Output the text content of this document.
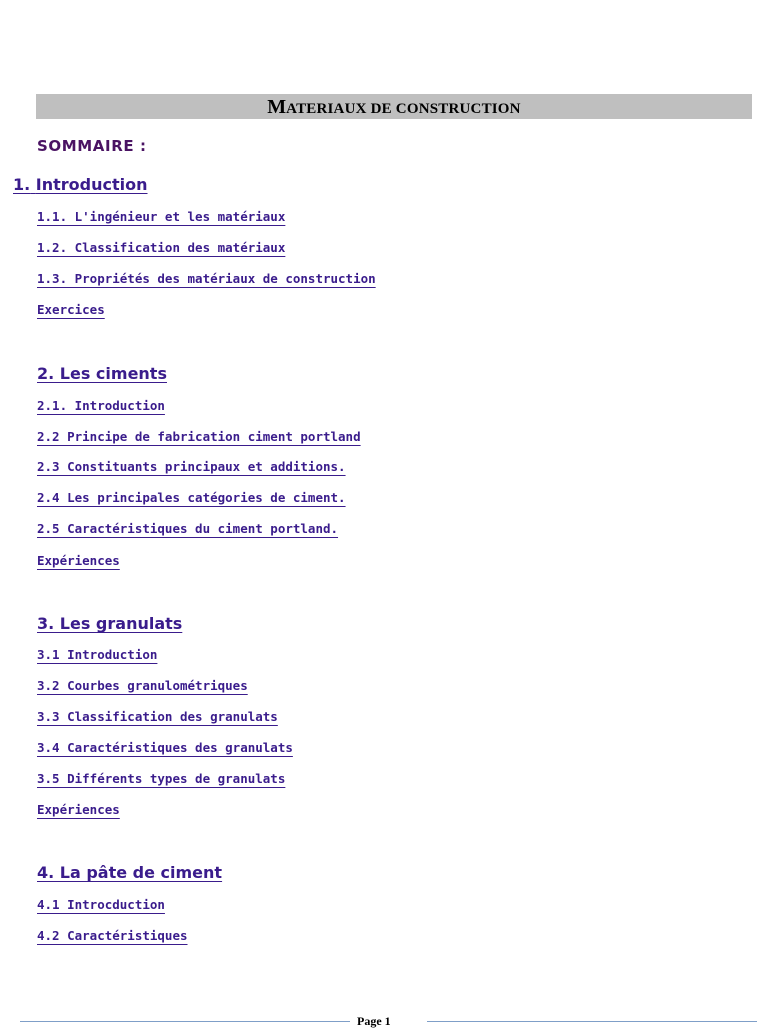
MATERIAUX DE CONSTRUCTION
SOMMAIRE :
1. Introduction
1.1. L'ingénieur et les matériaux
1.2. Classification des matériaux
1.3. Propriétés des matériaux de construction
Exercices
2. Les ciments
2.1. Introduction
2.2 Principe de fabrication ciment portland
2.3 Constituants principaux et additions.
2.4 Les principales catégories de ciment.
2.5 Caractéristiques du ciment portland.
Expériences
3. Les granulats
3.1 Introduction
3.2 Courbes granulométriques
3.3 Classification des granulats
3.4 Caractéristiques des granulats
3.5 Différents types de granulats
Expériences
4. La pâte de ciment
4.1 Introcduction
4.2 Caractéristiques
Page 1
